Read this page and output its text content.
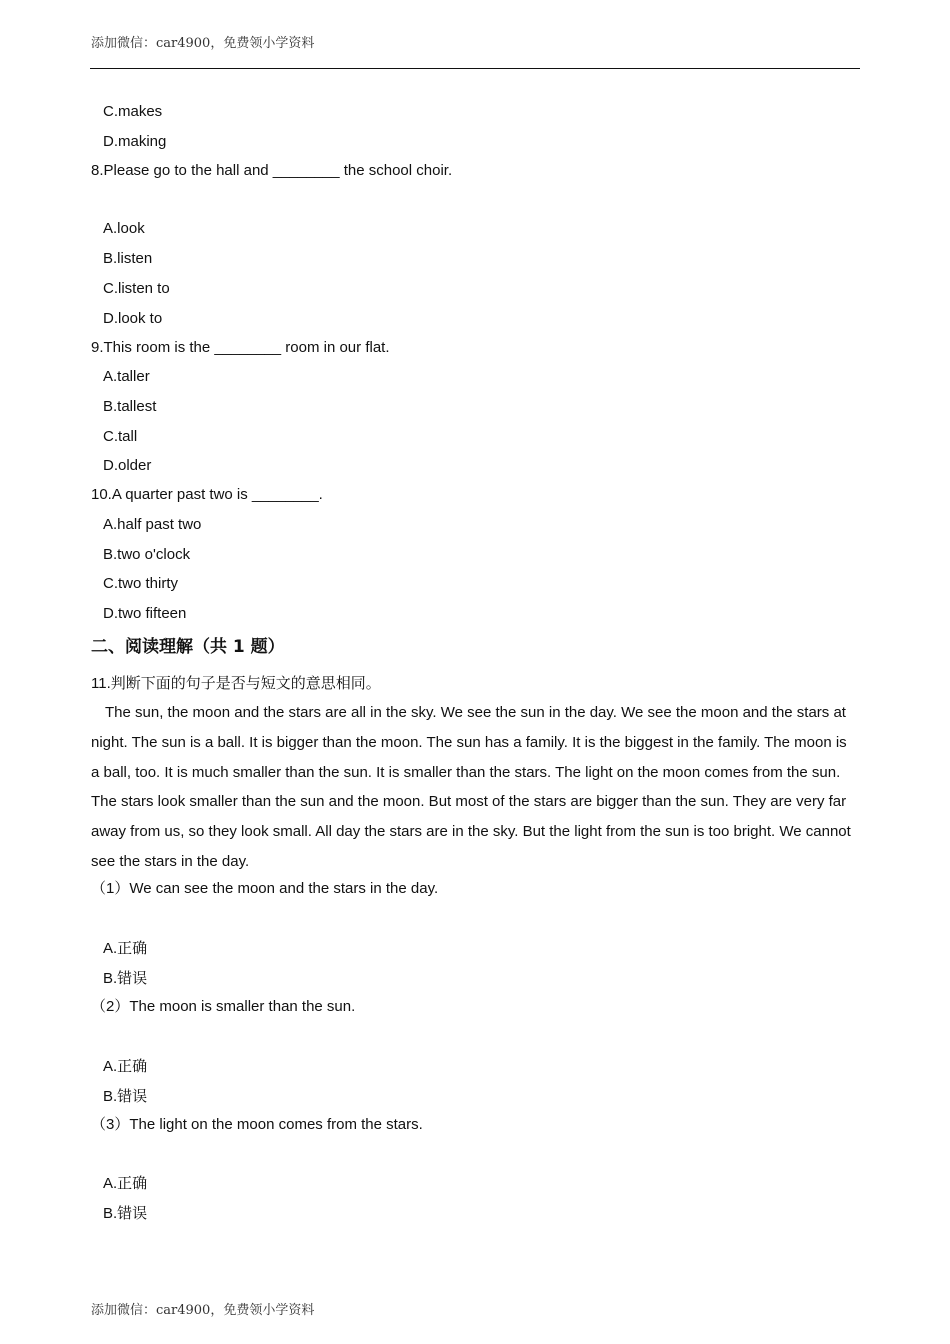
添加微信：car4900，免费领小学资料
C.makes
D.making
8.Please go to the hall and ________ the school choir.
A.look
B.listen
C.listen to
D.look to
9.This room is the ________ room in our flat.
A.taller
B.tallest
C.tall
D.older
10.A quarter past two is ________.
A.half past two
B.two o'clock
C.two thirty
D.two fifteen
二、阅读理解（共 1 题）
11.判断下面的句子是否与短文的意思相同。
The sun, the moon and the stars are all in the sky. We see the sun in the day. We see the moon and the stars at night. The sun is a ball. It is bigger than the moon. The sun has a family. It is the biggest in the family. The moon is a ball, too. It is much smaller than the sun. It is smaller than the stars. The light on the moon comes from the sun. The stars look smaller than the sun and the moon. But most of the stars are bigger than the sun. They are very far away from us, so they look small. All day the stars are in the sky. But the light from the sun is too bright. We cannot see the stars in the day.
（1）We can see the moon and the stars in the day.
A.正确
B.错误
（2）The moon is smaller than the sun.
A.正确
B.错误
（3）The light on the moon comes from the stars.
A.正确
B.错误
添加微信：car4900，免费领小学资料
